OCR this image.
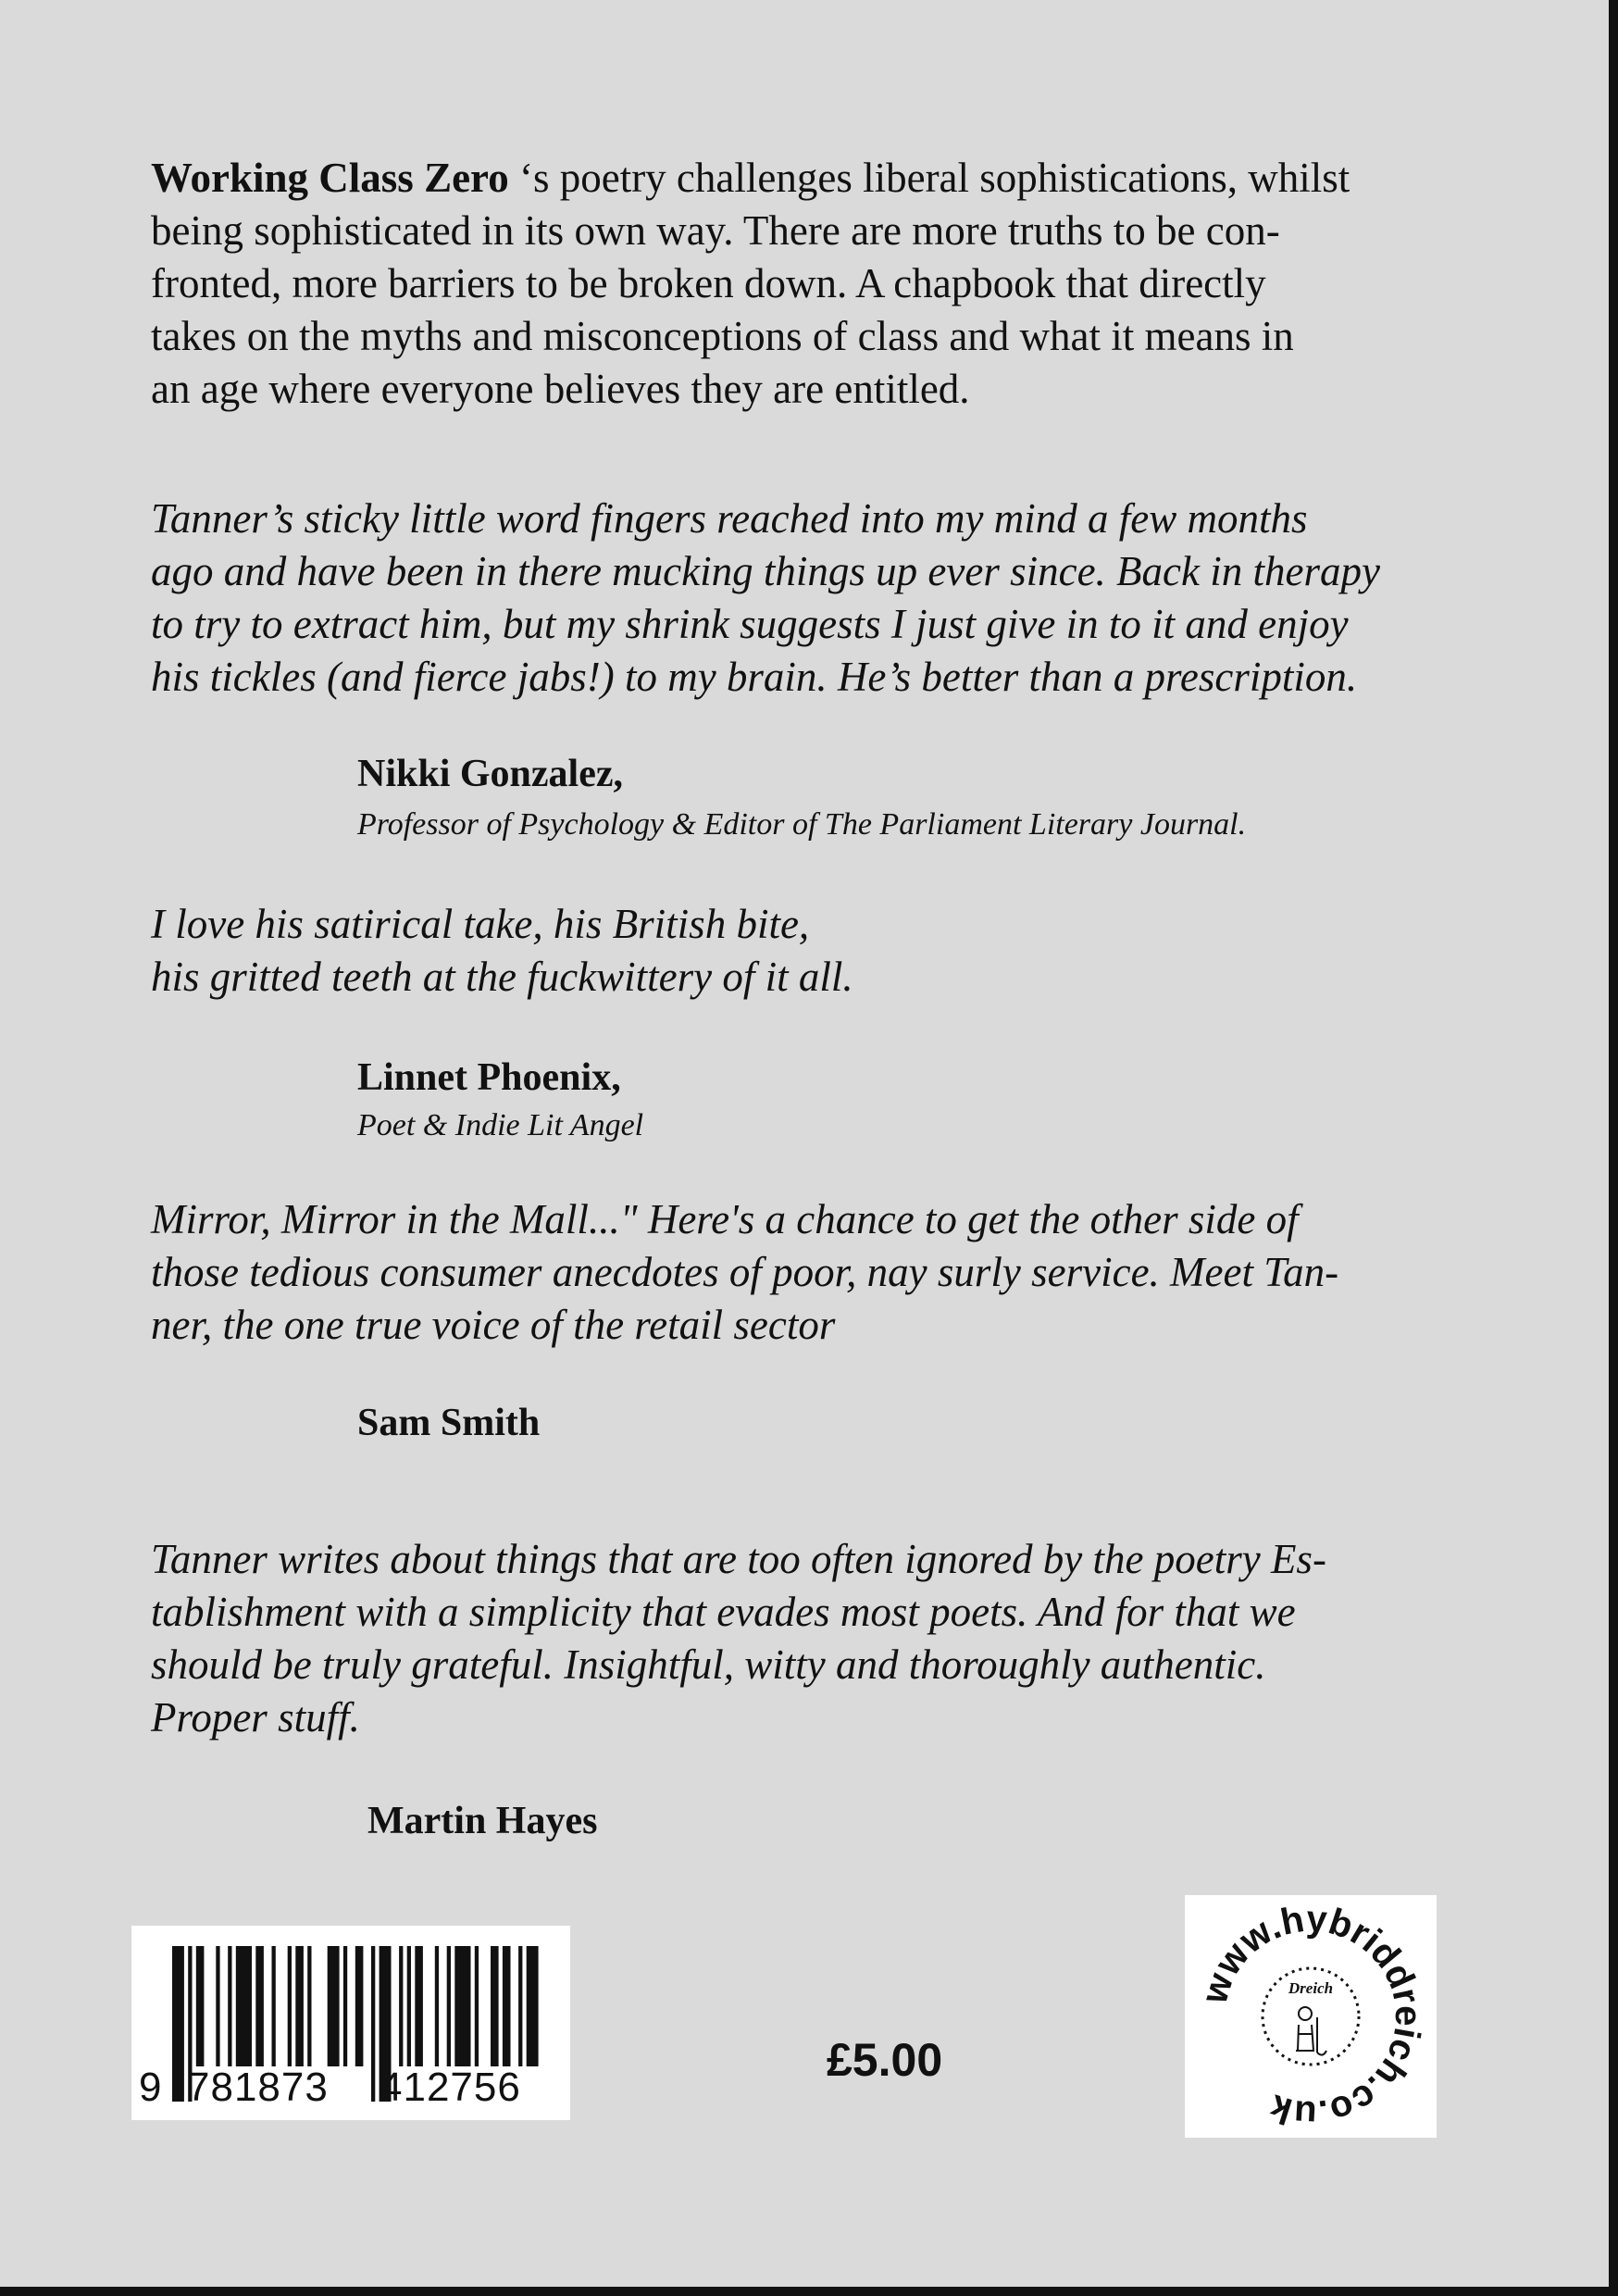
Working Class Zero ‘s poetry challenges liberal sophistications, whilst
being sophisticated in its own way. There are more truths to be con-
fronted, more barriers to be broken down. A chapbook that directly
takes on the myths and misconceptions of class and what it means in
an age where everyone believes they are entitled.

Tanner’s sticky little word fingers reached into my mind a few months
ago and have been in there mucking things up ever since. Back in therapy
to try to extract him, but my shrink suggests I just give in to it and enjoy
his tickles (and fierce jabs!) to my brain. He’s better than a prescription.

Nikki Gonzalez,

Professor of Psychology & Editor of The Parliament Literary Journal.

I love his satirical take, his British bite,
his gritted teeth at the fuckwittery of it all.

Linnet Phoenix,

Poet & Indie Lit Angel

Mirror, Mirror in the Mall..." Here's a chance to get the other side of
those tedious consumer anecdotes of poor, nay surly service. Meet Tan-
ner, the one true voice of the retail sector

Sam Smith

Tanner writes about things that are too often ignored by the poetry Es-
tablishment with a simplicity that evades most poets. And for that we
should be truly grateful. Insightful, witty and thoroughly authentic.
Proper stuff.

Martin Hayes

9 781873 412756
£5.00
www.hybriddreich.co.uk
Dreich
